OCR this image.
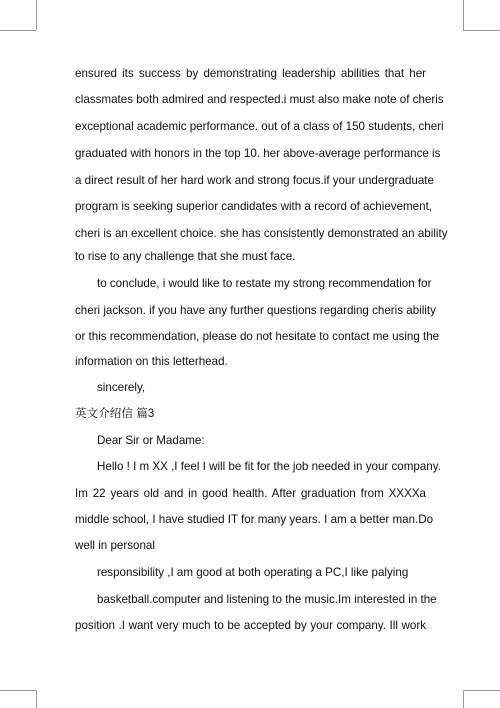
ensured its success by demonstrating leadership abilities that her
classmates both admired and respected.i must also make note of cheris
exceptional academic performance. out of a class of 150 students, cheri
graduated with honors in the top 10. her above-average performance is
a direct result of her hard work and strong focus.if your undergraduate
program is seeking superior candidates with a record of achievement,
cheri is an excellent choice. she has consistently demonstrated an ability
to rise to any challenge that she must face.
to conclude, i would like to restate my strong recommendation for
cheri jackson. if you have any further questions regarding cheris ability
or this recommendation, please do not hesitate to contact me using the
information on this letterhead.
sincerely,
英文介绍信 篇3
Dear Sir or Madame:
Hello ! I m XX ,I feel I will be fit for the job needed in your company.
Im 22 years old and in good health. After graduation from XXXXa
middle school, I have studied IT for many years. I am a better man.Do
well in personal
responsibility ,I am good at both operating a PC,I like palying
basketball.computer and listening to the music.Im interested in the
position .I want very much to be accepted by your company. Ill work
